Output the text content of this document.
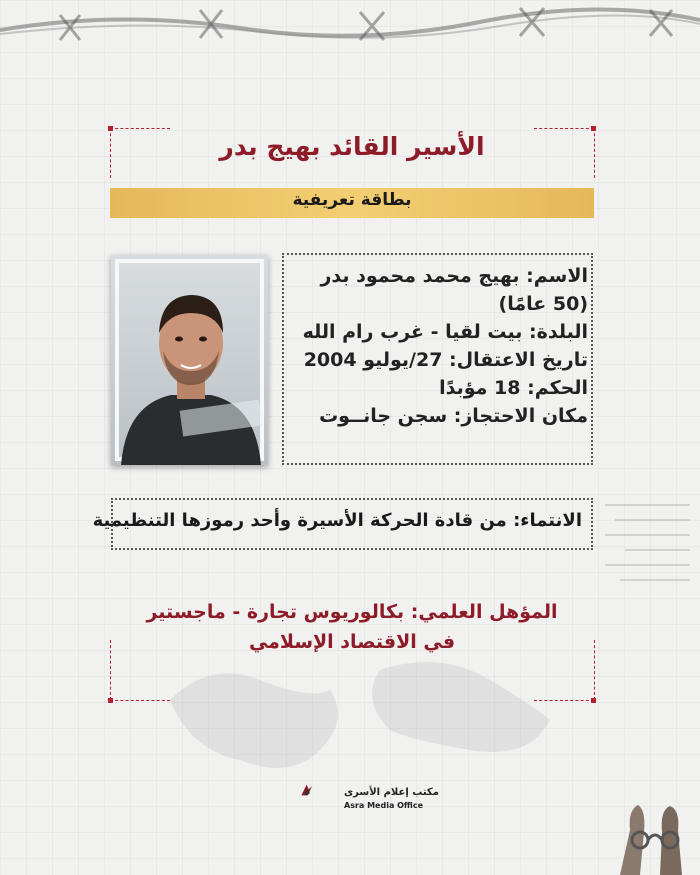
الأسير القائد بهيج بدر
بطاقة تعريفية
الاسم: بهيج محمد محمود بدر
(50 عامًا)
البلدة: بيت لقيا - غرب رام الله
تاريخ الاعتقال: 27/يوليو 2004
الحكم: 18 مؤبدًا
مكان الاحتجاز: سجن جانــوت
الانتماء: من قادة الحركة الأسيرة وأحد رموزها التنظيمية
المؤهل العلمي: بكالوريوس تجارة - ماجستير
في الاقتصاد الإسلامي
مكتب إعلام الأسرى
Asra Media Office
